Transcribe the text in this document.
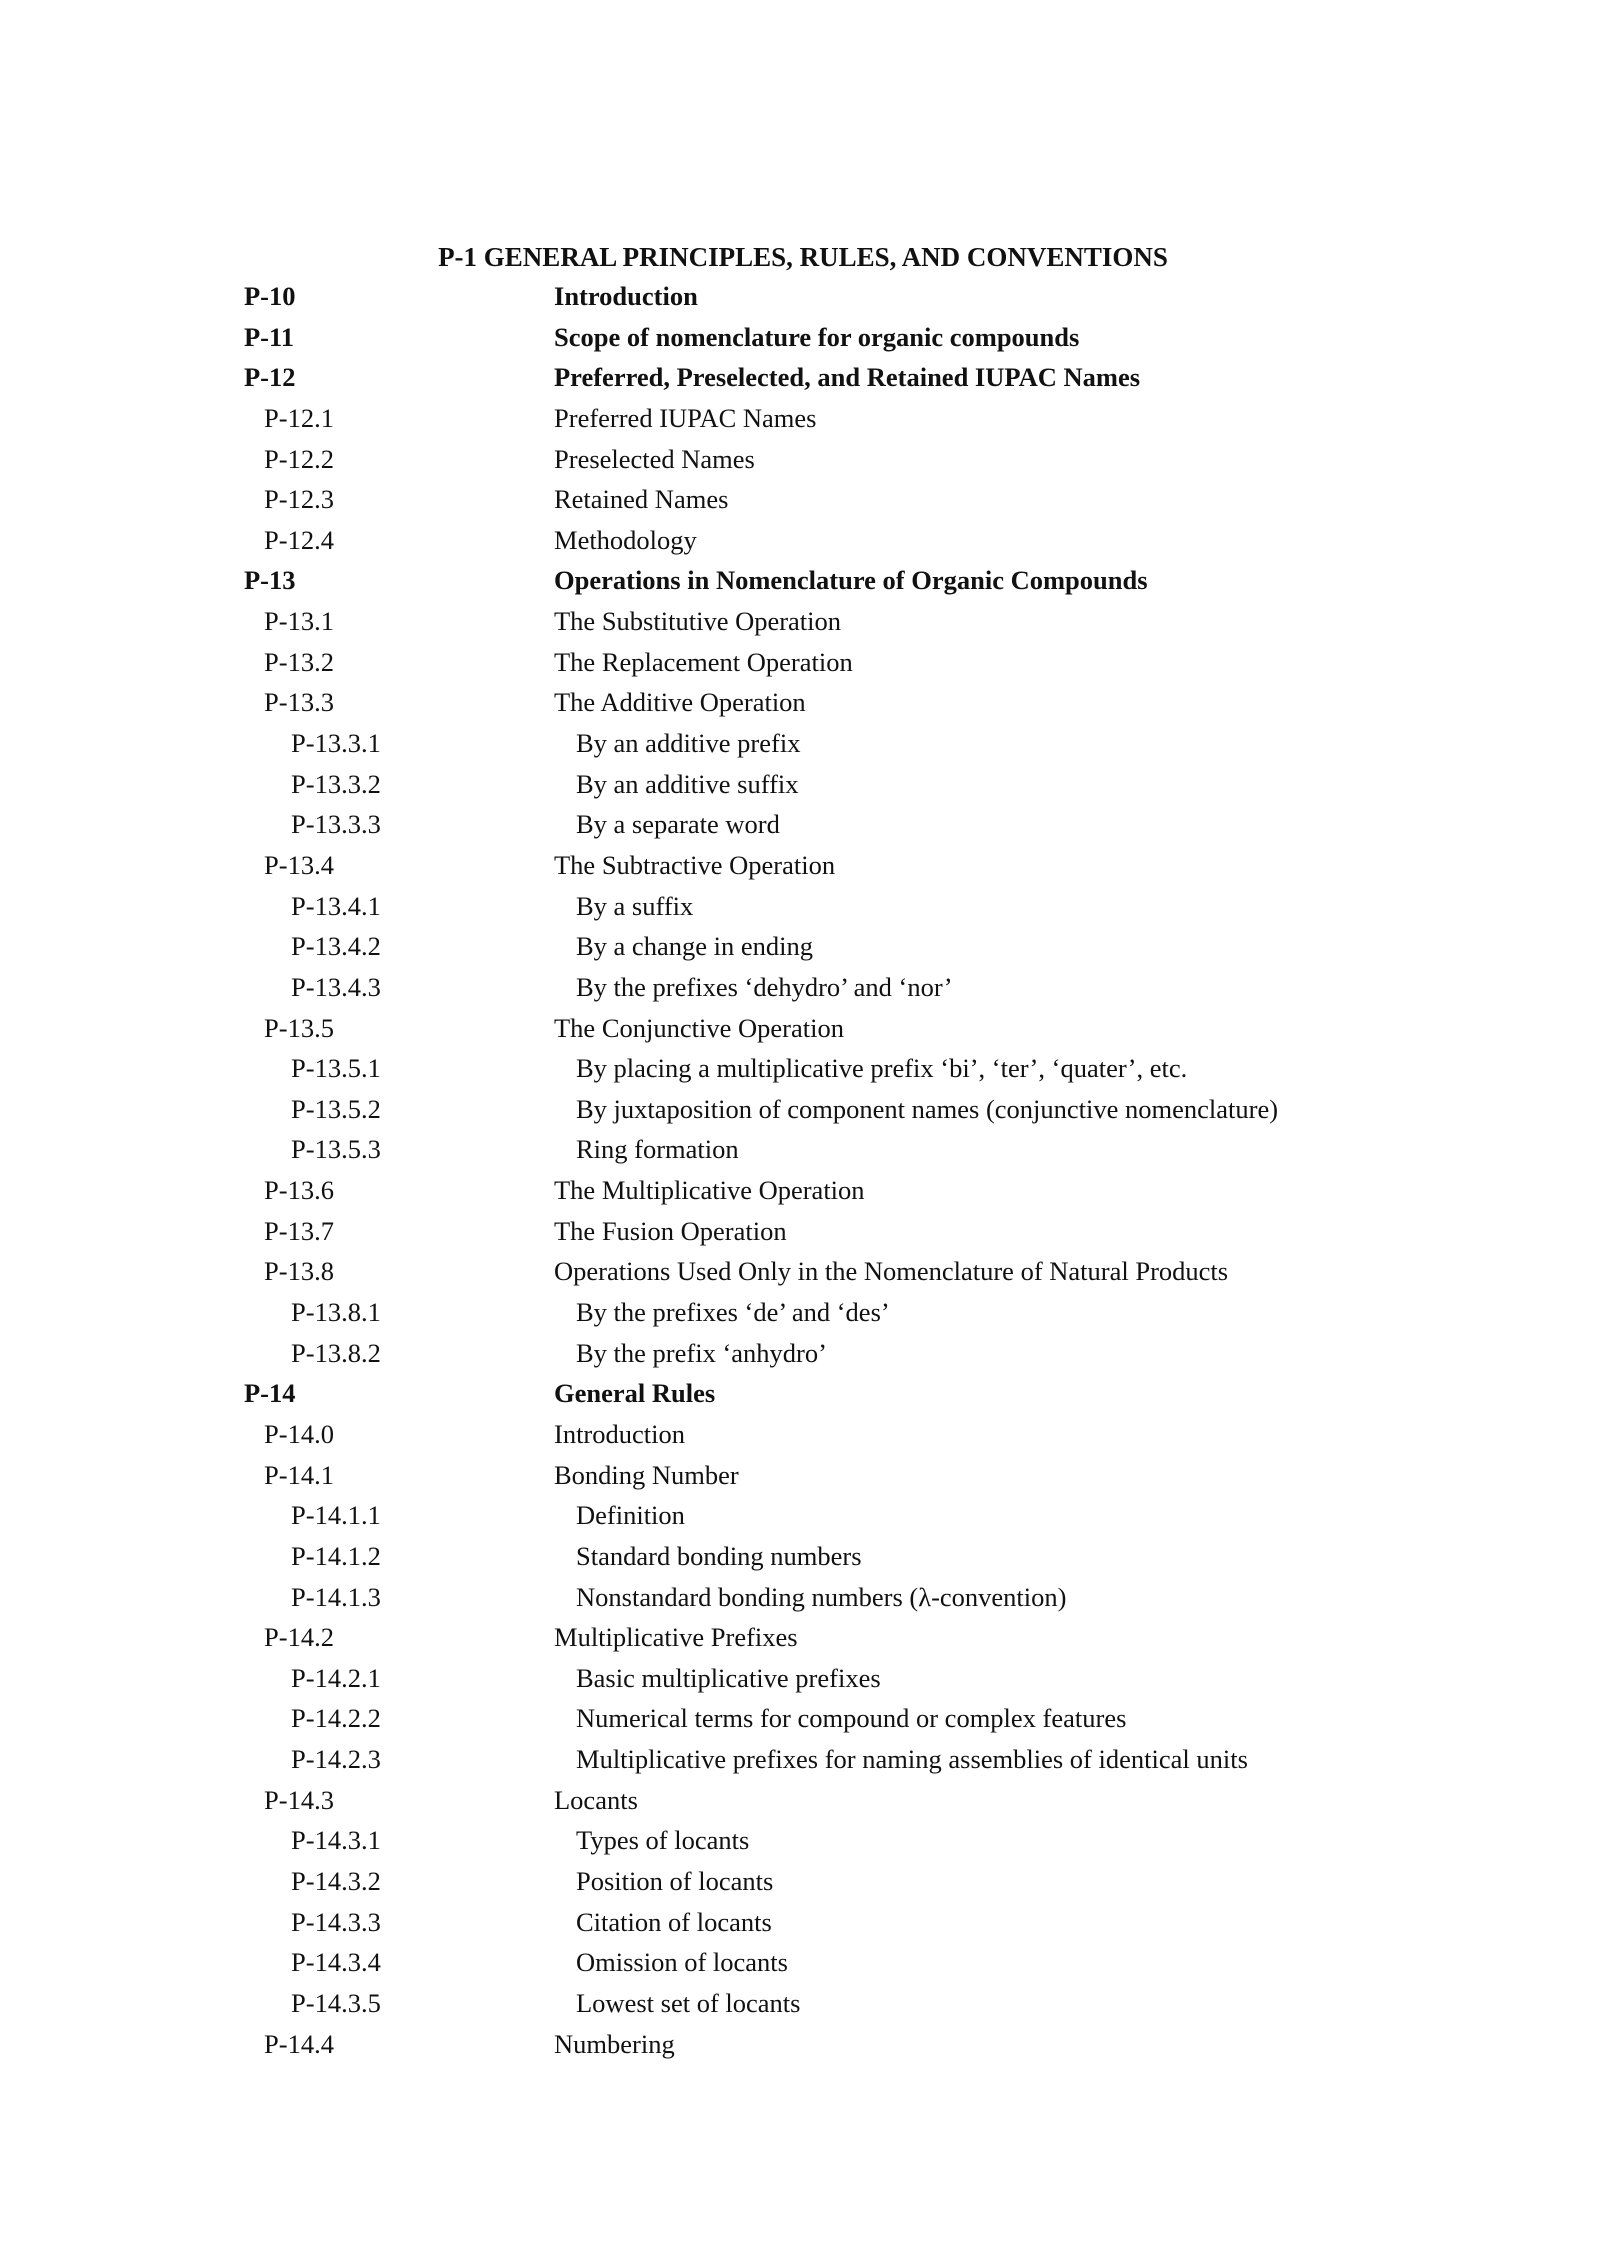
P-1 GENERAL PRINCIPLES, RULES, AND CONVENTIONS
P-10	Introduction
P-11	Scope of nomenclature for organic compounds
P-12	Preferred, Preselected, and Retained IUPAC Names
P-12.1	Preferred IUPAC Names
P-12.2	Preselected Names
P-12.3	Retained Names
P-12.4	Methodology
P-13	Operations in Nomenclature of Organic Compounds
P-13.1	The Substitutive Operation
P-13.2	The Replacement Operation
P-13.3	The Additive Operation
P-13.3.1	By an additive prefix
P-13.3.2	By an additive suffix
P-13.3.3	By a separate word
P-13.4	The Subtractive Operation
P-13.4.1	By a suffix
P-13.4.2	By a change in ending
P-13.4.3	By the prefixes ‘dehydro’ and ‘nor’
P-13.5	The Conjunctive Operation
P-13.5.1	By placing a multiplicative prefix ‘bi’, ‘ter’, ‘quater’, etc.
P-13.5.2	By juxtaposition of component names (conjunctive nomenclature)
P-13.5.3	Ring formation
P-13.6	The Multiplicative Operation
P-13.7	The Fusion Operation
P-13.8	Operations Used Only in the Nomenclature of Natural Products
P-13.8.1	By the prefixes ‘de’ and ‘des’
P-13.8.2	By the prefix ‘anhydro’
P-14	General Rules
P-14.0	Introduction
P-14.1	Bonding Number
P-14.1.1	Definition
P-14.1.2	Standard bonding numbers
P-14.1.3	Nonstandard bonding numbers (λ-convention)
P-14.2	Multiplicative Prefixes
P-14.2.1	Basic multiplicative prefixes
P-14.2.2	Numerical terms for compound or complex features
P-14.2.3	Multiplicative prefixes for naming assemblies of identical units
P-14.3	Locants
P-14.3.1	Types of locants
P-14.3.2	Position of locants
P-14.3.3	Citation of locants
P-14.3.4	Omission of locants
P-14.3.5	Lowest set of locants
P-14.4	Numbering
